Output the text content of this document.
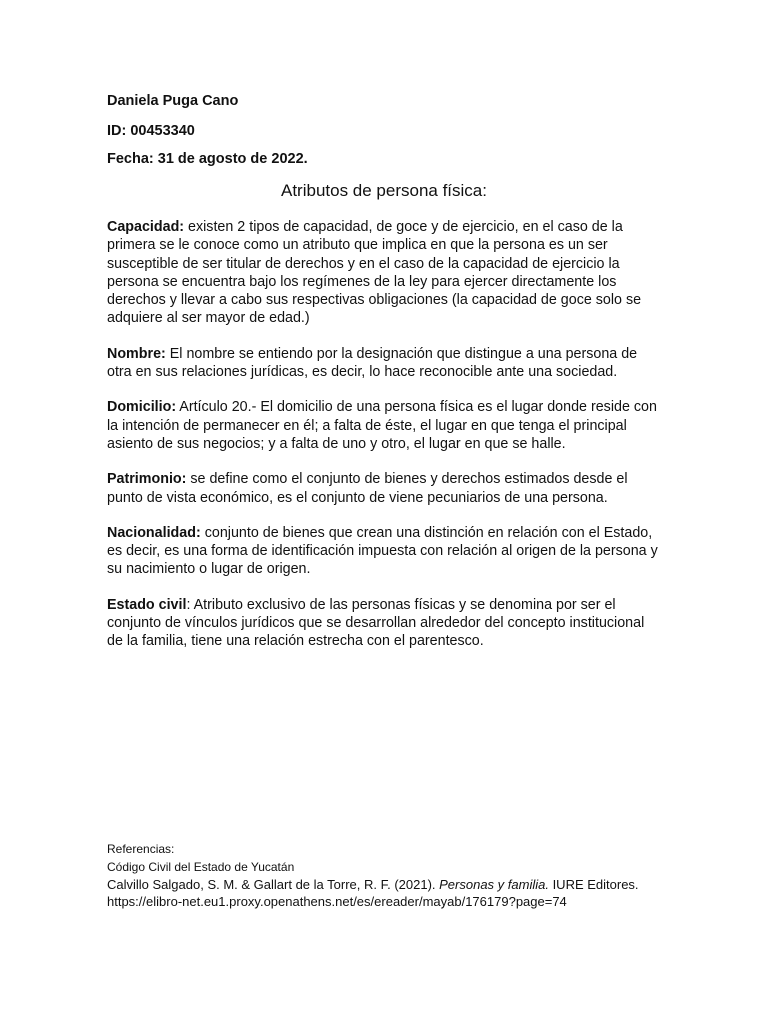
Daniela Puga Cano
ID: 00453340
Fecha: 31 de agosto de 2022.
Atributos de persona física:

Capacidad: existen 2 tipos de capacidad, de goce y de ejercicio, en el caso de la primera se le conoce como un atributo que implica en que la persona es un ser susceptible de ser titular de derechos y en el caso de la capacidad de ejercicio la persona se encuentra bajo los regímenes de la ley para ejercer directamente los derechos y llevar a cabo sus respectivas obligaciones (la capacidad de goce solo se adquiere al ser mayor de edad.)

Nombre: El nombre se entiendo por la designación que distingue a una persona de otra en sus relaciones jurídicas, es decir, lo hace reconocible ante una sociedad.

Domicilio: Artículo 20.- El domicilio de una persona física es el lugar donde reside con la intención de permanecer en él; a falta de éste, el lugar en que tenga el principal asiento de sus negocios; y a falta de uno y otro, el lugar en que se halle.

Patrimonio: se define como el conjunto de bienes y derechos estimados desde el punto de vista económico, es el conjunto de viene pecuniarios de una persona.

Nacionalidad: conjunto de bienes que crean una distinción en relación con el Estado, es decir, es una forma de identificación impuesta con relación al origen de la persona y su nacimiento o lugar de origen.

Estado civil: Atributo exclusivo de las personas físicas y se denomina por ser el conjunto de vínculos jurídicos que se desarrollan alrededor del concepto institucional de la familia, tiene una relación estrecha con el parentesco.

Referencias:
Código Civil del Estado de Yucatán
Calvillo Salgado, S. M. & Gallart de la Torre, R. F. (2021). Personas y familia. IURE Editores.
https://elibro-net.eu1.proxy.openathens.net/es/ereader/mayab/176179?page=74
